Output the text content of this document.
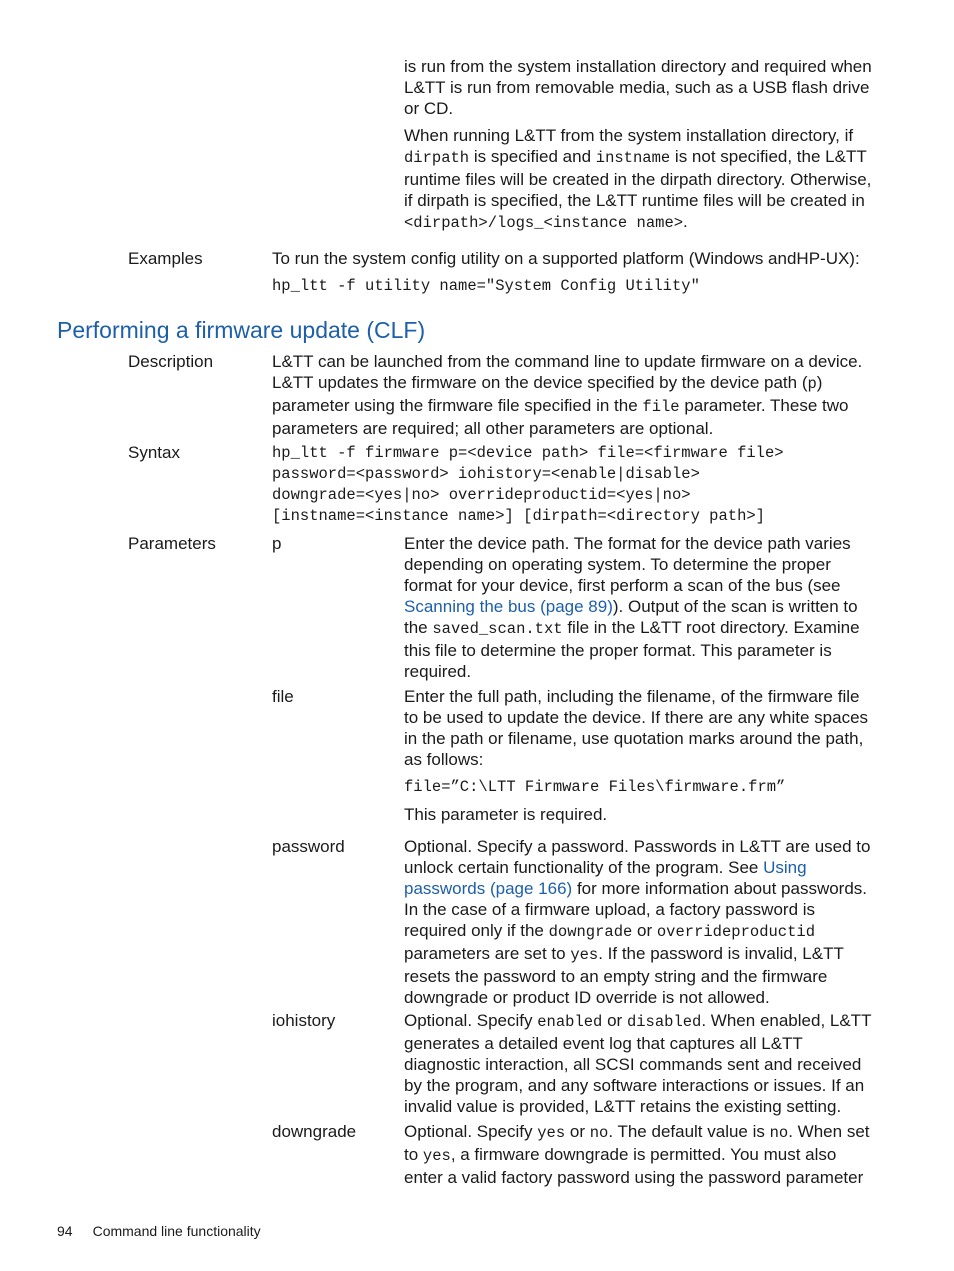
is run from the system installation directory and required when L&TT is run from removable media, such as a USB flash drive or CD.

When running L&TT from the system installation directory, if dirpath is specified and instname is not specified, the L&TT runtime files will be created in the dirpath directory. Otherwise, if dirpath is specified, the L&TT runtime files will be created in <dirpath>/logs_<instance name>.

Examples	To run the system config utility on a supported platform (Windows andHP-UX):
hp_ltt -f utility name="System Config Utility"
Performing a firmware update (CLF)
Description	L&TT can be launched from the command line to update firmware on a device. L&TT updates the firmware on the device specified by the device path (p) parameter using the firmware file specified in the file parameter. These two parameters are required; all other parameters are optional.
Syntax	hp_ltt -f firmware p=<device path> file=<firmware file>
password=<password> iohistory=<enable|disable>
downgrade=<yes|no> overrideproductid=<yes|no>
[instname=<instance name>] [dirpath=<directory path>]
Parameters	p	Enter the device path. The format for the device path varies depending on operating system. To determine the proper format for your device, first perform a scan of the bus (see Scanning the bus (page 89)). Output of the scan is written to the saved_scan.txt file in the L&TT root directory. Examine this file to determine the proper format. This parameter is required.
file	Enter the full path, including the filename, of the firmware file to be used to update the device. If there are any white spaces in the path or filename, use quotation marks around the path, as follows:
file=”C:\LTT Firmware Files\firmware.frm”
This parameter is required.
password	Optional. Specify a password. Passwords in L&TT are used to unlock certain functionality of the program. See Using passwords (page 166) for more information about passwords. In the case of a firmware upload, a factory password is required only if the downgrade or overrideproductid parameters are set to yes. If the password is invalid, L&TT resets the password to an empty string and the firmware downgrade or product ID override is not allowed.
iohistory	Optional. Specify enabled or disabled. When enabled, L&TT generates a detailed event log that captures all L&TT diagnostic interaction, all SCSI commands sent and received by the program, and any software interactions or issues. If an invalid value is provided, L&TT retains the existing setting.
downgrade	Optional. Specify yes or no. The default value is no. When set to yes, a firmware downgrade is permitted. You must also enter a valid factory password using the password parameter
94 Command line functionality
